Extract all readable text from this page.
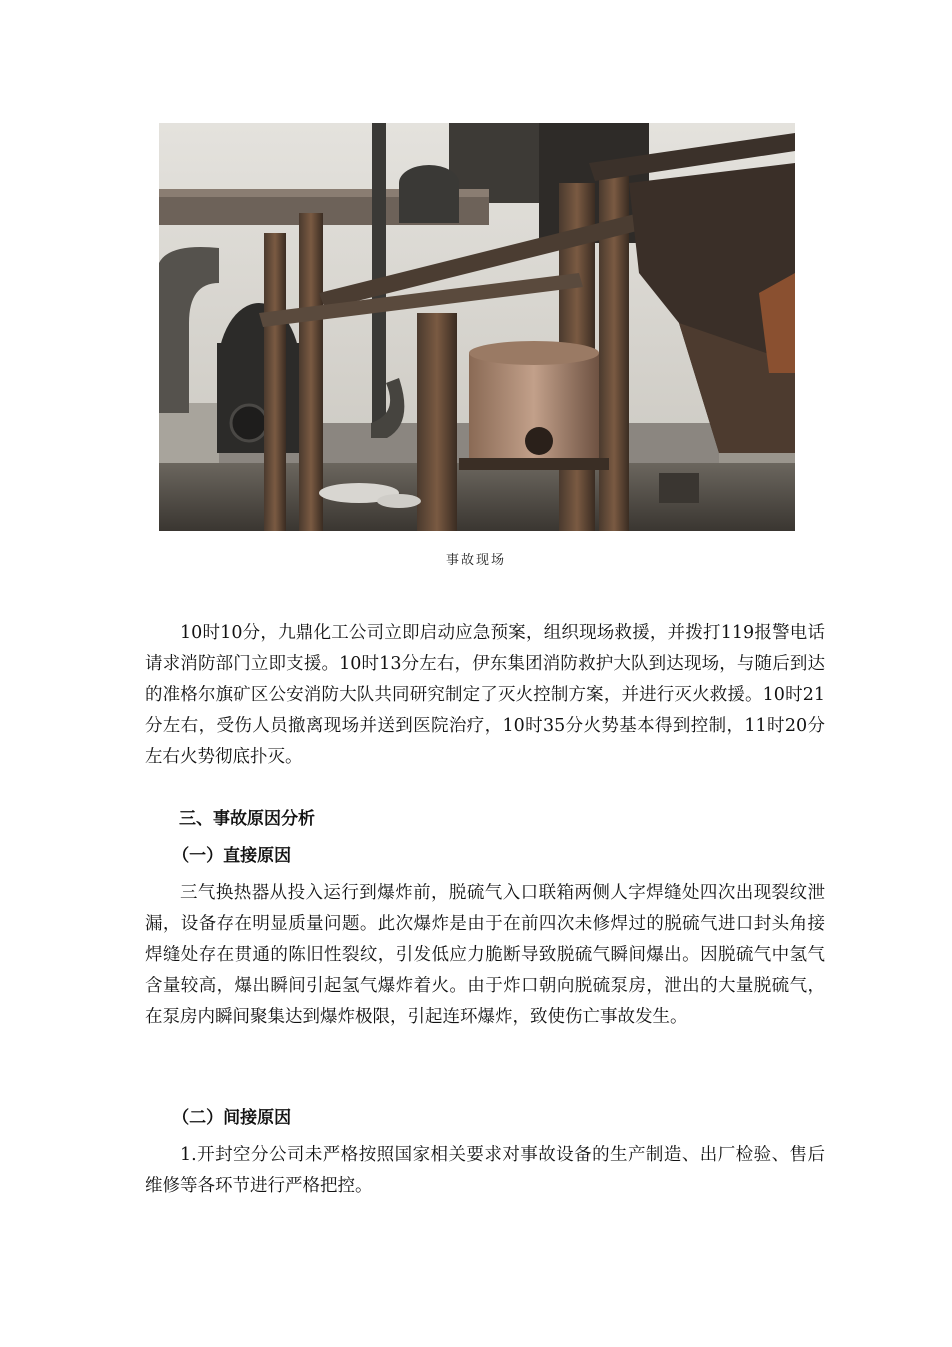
事故现场

10时10分，九鼎化工公司立即启动应急预案，组织现场救援，并拨打119报警电话请求消防部门立即支援。10时13分左右，伊东集团消防救护大队到达现场，与随后到达的准格尔旗矿区公安消防大队共同研究制定了灭火控制方案，并进行灭火救援。10时21分左右，受伤人员撤离现场并送到医院治疗，10时35分火势基本得到控制，11时20分左右火势彻底扑灭。

三、事故原因分析

（一）直接原因

三气换热器从投入运行到爆炸前，脱硫气入口联箱两侧人字焊缝处四次出现裂纹泄漏，设备存在明显质量问题。此次爆炸是由于在前四次未修焊过的脱硫气进口封头角接焊缝处存在贯通的陈旧性裂纹，引发低应力脆断导致脱硫气瞬间爆出。因脱硫气中氢气含量较高，爆出瞬间引起氢气爆炸着火。由于炸口朝向脱硫泵房，泄出的大量脱硫气，在泵房内瞬间聚集达到爆炸极限，引起连环爆炸，致使伤亡事故发生。

（二）间接原因

1.开封空分公司未严格按照国家相关要求对事故设备的生产制造、出厂检验、售后维修等各环节进行严格把控。
